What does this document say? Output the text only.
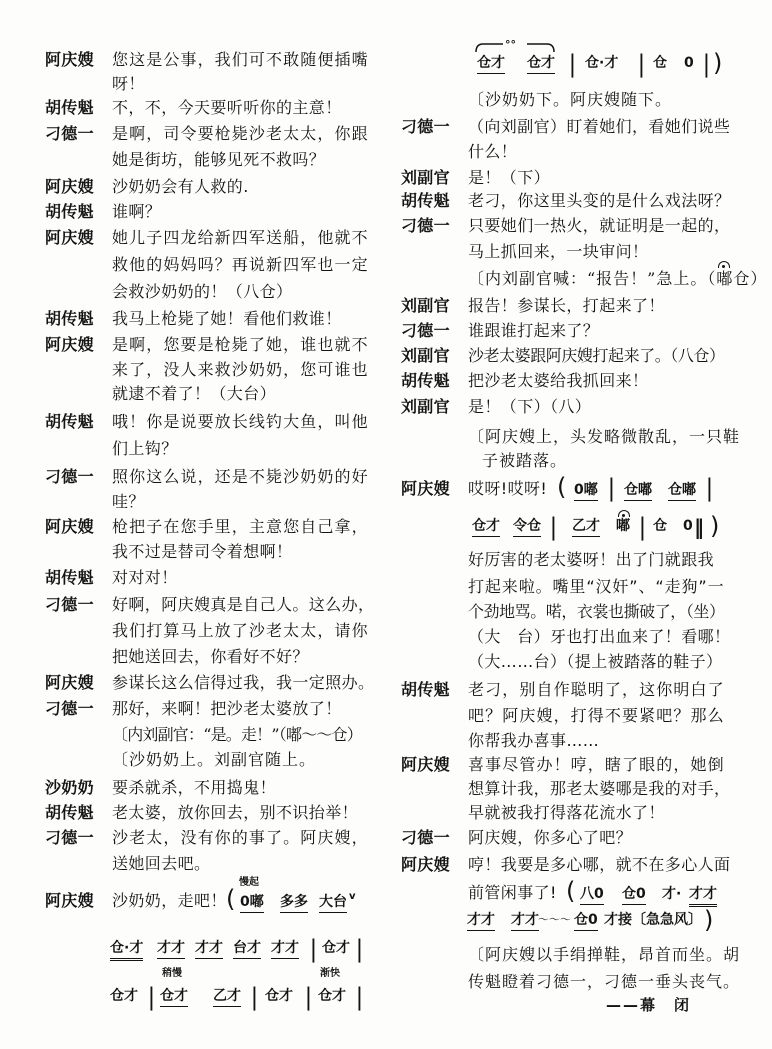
阿庆嫂 您这是公事，我们可不敢随便插嘴
呀！
胡传魁 不，不，今天要听听你的主意！
刁德一 是啊，司令要枪毙沙老太太，你跟
她是街坊，能够见死不救吗？
阿庆嫂 沙奶奶会有人救的.
胡传魁 谁啊？
阿庆嫂 她儿子四龙给新四军送船，他就不
救他的妈妈吗？再说新四军也一定
会救沙奶奶的！（八仓）
胡传魁 我马上枪毙了她！看他们救谁！
阿庆嫂 是啊，您要是枪毙了她，谁也就不
来了，没人来救沙奶奶，您可谁也
就逮不着了！（大台）
胡传魁 哦！你是说要放长线钓大鱼，叫他
们上钩？
刁德一 照你这么说，还是不毙沙奶奶的好
哇？
阿庆嫂 枪把子在您手里，主意您自己拿，
我不过是替司令着想啊！
胡传魁 对对对！
刁德一 好啊，阿庆嫂真是自己人。这么办，
我们打算马上放了沙老太太，请你
把她送回去，你看好不好？
阿庆嫂 参谋长这么信得过我，我一定照办。
刁德一 那好，来啊！把沙老太婆放了！
〔内刘副官：“是。走！”（嘟～～仓）
〔沙奶奶上。刘副官随上。
沙奶奶 要杀就杀，不用捣鬼！
胡传魁 老太婆，放你回去，别不识抬举！
刁德一 沙老太，没有你的事了。阿庆嫂，
送她回去吧。
阿庆嫂 沙奶奶，走吧！ (
慢起
0嘟 多多 大台 v
仓·才 才才 才才 台才 才才 | 仓才 |
稍慢	渐快
仓才 | 仓才 乙才 | 仓才 | 仓才 |
仓才
°°
仓才 | 仓·才 | 仓 0 | )
〔沙奶奶下。阿庆嫂随下。
刁德一 （向刘副官）盯着她们，看她们说些
什么！
刘副官 是！（下）
胡传魁 老刁，你这里头变的是什么戏法呀？
刁德一 只要她们一热火，就证明是一起的，
马上抓回来，一块审问！
〔内刘副官喊：“报告！”急上。（嘟仓）
刘副官 报告！参谋长，打起来了！
刁德一 谁跟谁打起来了？
刘副官 沙老太婆跟阿庆嫂打起来了。（八仓）
胡传魁 把沙老太婆给我抓回来！
刘副官 是！（下）（八）
〔阿庆嫂上，头发略微散乱，一只鞋
子被踏落。
阿庆嫂 哎呀!哎呀! ( 0嘟 | 仓嘟 仓嘟 |
仓才 令仓 | 乙才 嘟 | 仓 0 ‖ )
好厉害的老太婆呀！出了门就跟我
打起来啦。嘴里“汉奸”、“走狗”一
个劲地骂。喏，衣裳也撕破了，（坐）
（大　台）牙也打出血来了！看哪！
（大……台）（提上被踏落的鞋子）
胡传魁 老刁，别自作聪明了，这你明白了
吧？阿庆嫂，打得不要紧吧？那么
你帮我办喜事……
阿庆嫂 喜事尽管办！哼，瞎了眼的，她倒
想算计我，那老太婆哪是我的对手，
早就被我打得落花流水了！
刁德一 阿庆嫂，你多心了吧？
阿庆嫂 哼！我要是多心哪，就不在多心人面
前管闲事了! ( 八0 仓0 才 · 才才
才才 才才 ～～～ 仓0 才 接〔急急风〕 )
〔阿庆嫂以手绢掸鞋，昂首而坐。胡
传魁瞪着刁德一，刁德一垂头丧气。
——幕　闭
